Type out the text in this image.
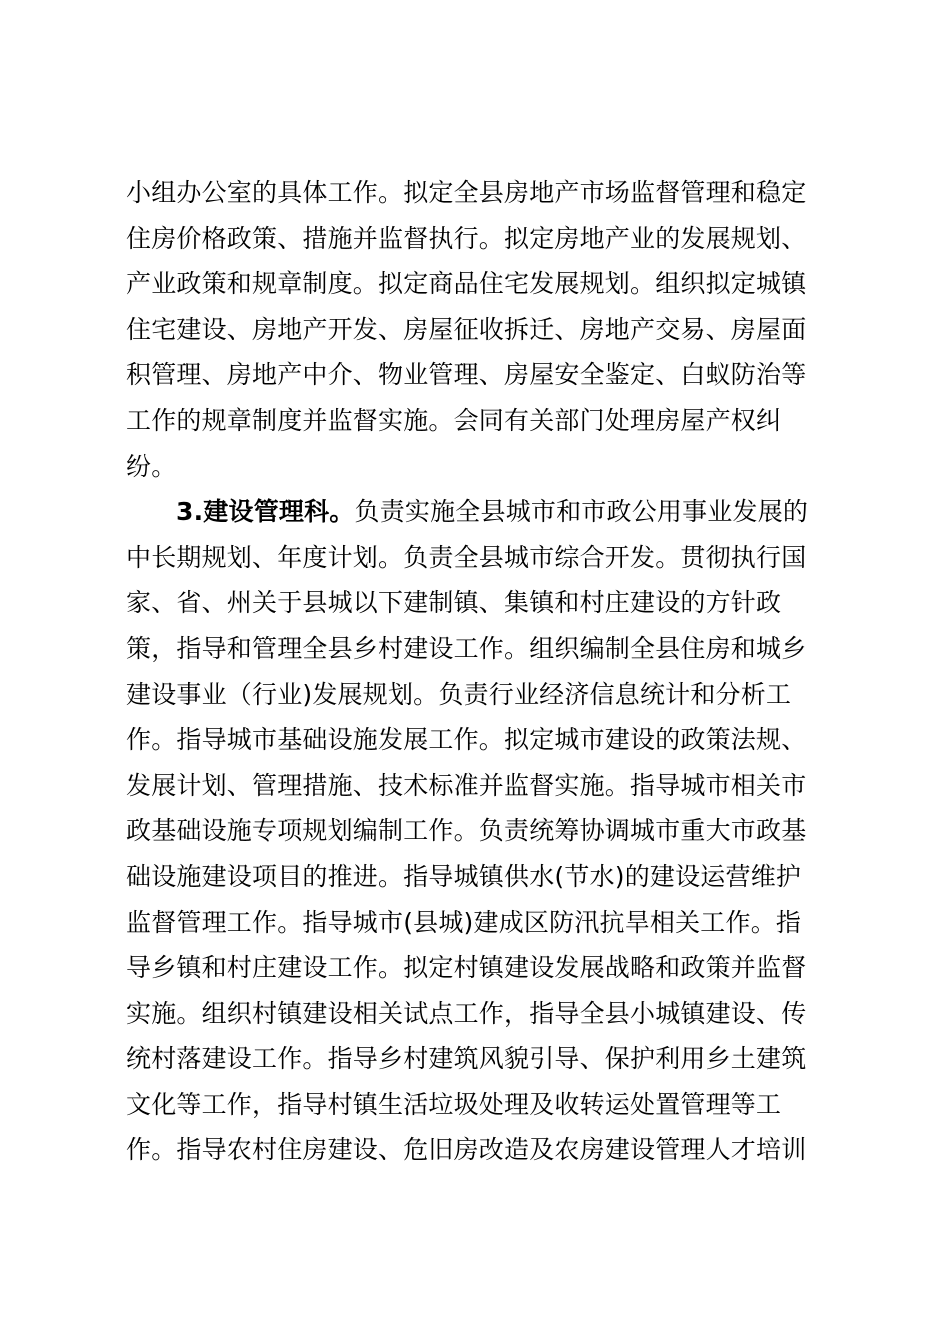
小组办公室的具体工作。拟定全县房地产市场监督管理和稳定
住房价格政策、措施并监督执行。拟定房地产业的发展规划、
产业政策和规章制度。拟定商品住宅发展规划。组织拟定城镇
住宅建设、房地产开发、房屋征收拆迁、房地产交易、房屋面
积管理、房地产中介、物业管理、房屋安全鉴定、白蚁防治等
工作的规章制度并监督实施。会同有关部门处理房屋产权纠
纷。
3.建设管理科。负责实施全县城市和市政公用事业发展的
中长期规划、年度计划。负责全县城市综合开发。贯彻执行国
家、省、州关于县城以下建制镇、集镇和村庄建设的方针政
策，指导和管理全县乡村建设工作。组织编制全县住房和城乡
建设事业（行业)发展规划。负责行业经济信息统计和分析工
作。指导城市基础设施发展工作。拟定城市建设的政策法规、
发展计划、管理措施、技术标准并监督实施。指导城市相关市
政基础设施专项规划编制工作。负责统筹协调城市重大市政基
础设施建设项目的推进。指导城镇供水(节水)的建设运营维护
监督管理工作。指导城市(县城)建成区防汛抗旱相关工作。指
导乡镇和村庄建设工作。拟定村镇建设发展战略和政策并监督
实施。组织村镇建设相关试点工作，指导全县小城镇建设、传
统村落建设工作。指导乡村建筑风貌引导、保护利用乡土建筑
文化等工作，指导村镇生活垃圾处理及收转运处置管理等工
作。指导农村住房建设、危旧房改造及农房建设管理人才培训
